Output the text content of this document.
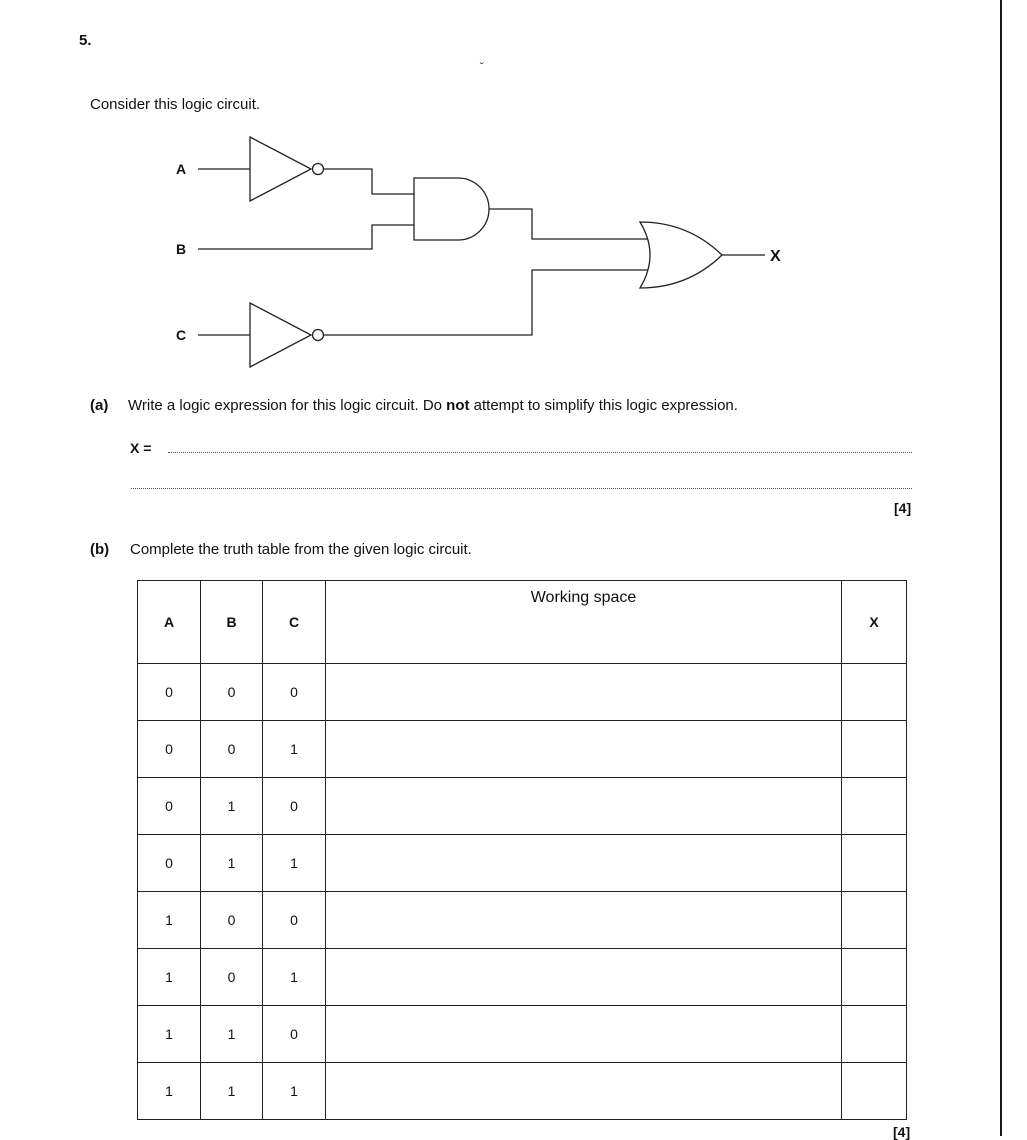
5.
˘
Consider this logic circuit.
A
B
C
X
(a) Write a logic expression for this logic circuit. Do not attempt to simplify this logic expression.
X =
[4]
(b) Complete the truth table from the given logic circuit.
A	B	C	Working space	X
0	0	0		
0	0	1		
0	1	0		
0	1	1		
1	0	0		
1	0	1		
1	1	0		
1	1	1		
[4]
